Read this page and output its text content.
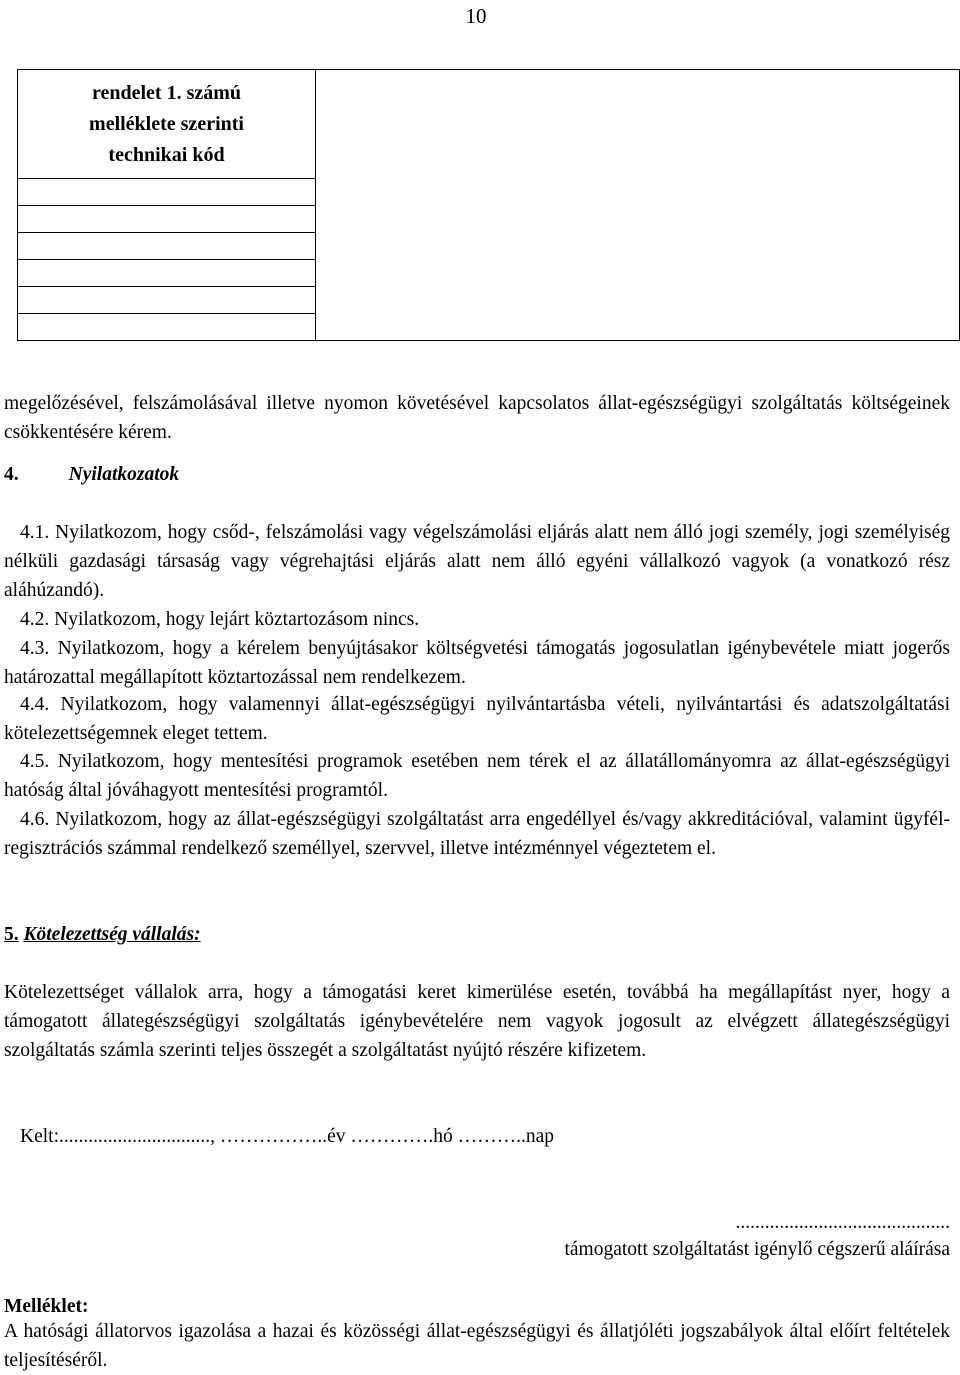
10
rendelet 1. számú
melléklete szerinti
technikai kód

megelőzésével, felszámolásával illetve nyomon követésével kapcsolatos állat-egészségügyi szolgáltatás költségeinek csökkentésére kérem.

4.	Nyilatkozatok

4.1. Nyilatkozom, hogy csőd-, felszámolási vagy végelszámolási eljárás alatt nem álló jogi személy, jogi személyiség nélküli gazdasági társaság vagy végrehajtási eljárás alatt nem álló egyéni vállalkozó vagyok (a vonatkozó rész aláhúzandó).

4.2. Nyilatkozom, hogy lejárt köztartozásom nincs.

4.3. Nyilatkozom, hogy a kérelem benyújtásakor költségvetési támogatás jogosulatlan igénybevétele miatt jogerős határozattal megállapított köztartozással nem rendelkezem.

4.4. Nyilatkozom, hogy valamennyi állat-egészségügyi nyilvántartásba vételi, nyilvántartási és adatszolgáltatási kötelezettségemnek eleget tettem.

4.5. Nyilatkozom, hogy mentesítési programok esetében nem térek el az állatállományomra az állat-egészségügyi hatóság által jóváhagyott mentesítési programtól.

4.6. Nyilatkozom, hogy az állat-egészségügyi szolgáltatást arra engedéllyel és/vagy akkreditációval, valamint ügyfél-regisztrációs számmal rendelkező személlyel, szervvel, illetve intézménnyel végeztetem el.

5. Kötelezettség vállalás:

Kötelezettséget vállalok arra, hogy a támogatási keret kimerülése esetén, továbbá ha megállapítást nyer, hogy a támogatott állategészségügyi szolgáltatás igénybevételére nem vagyok jogosult az elvégzett állategészségügyi szolgáltatás számla szerinti teljes összegét a szolgáltatást nyújtó részére kifizetem.

Kelt:..............................., ……………..év ………….hó ………..nap
............................................
támogatott szolgáltatást igénylő cégszerű aláírása
Melléklet:

A hatósági állatorvos igazolása a hazai és közösségi állat-egészségügyi és állatjóléti jogszabályok által előírt feltételek teljesítéséről.
